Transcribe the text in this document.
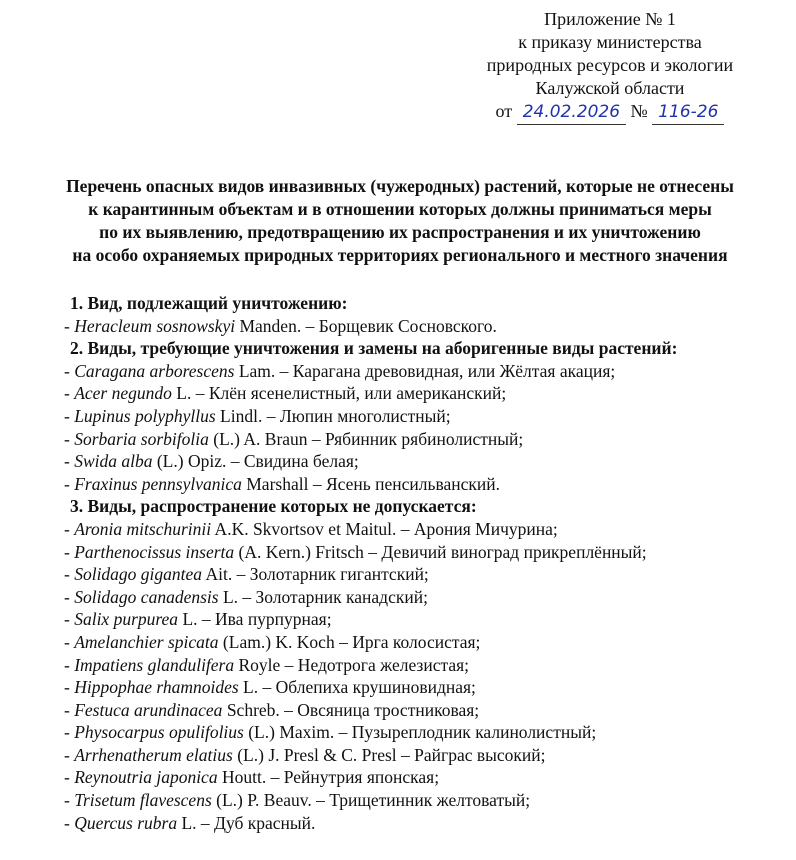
Приложение № 1
к приказу министерства
природных ресурсов и экологии
Калужской области
от 24.02.2026 № 116-26
Перечень опасных видов инвазивных (чужеродных) растений, которые не отнесены
к карантинным объектам и в отношении которых должны приниматься меры
по их выявлению, предотвращению их распространения и их уничтожению
на особо охраняемых природных территориях регионального и местного значения
1. Вид, подлежащий уничтожению:
- Heracleum sosnowskyi Manden. – Борщевик Сосновского.
2. Виды, требующие уничтожения и замены на аборигенные виды растений:
- Caragana arborescens Lam. – Карагана древовидная, или Жёлтая акация;
- Acer negundo L. – Клён ясенелистный, или американский;
- Lupinus polyphyllus Lindl. – Люпин многолистный;
- Sorbaria sorbifolia (L.) A. Braun – Рябинник рябинолистный;
- Swida alba (L.) Opiz. – Свидина белая;
- Fraxinus pennsylvanica Marshall – Ясень пенсильванский.
3. Виды, распространение которых не допускается:
- Aronia mitschurinii A.K. Skvortsov et Maitul. – Арония Мичурина;
- Parthenocissus inserta (A. Kern.) Fritsch – Девичий виноград прикреплённый;
- Solidago gigantea Ait. – Золотарник гигантский;
- Solidago canadensis L. – Золотарник канадский;
- Salix purpurea L. – Ива пурпурная;
- Amelanchier spicata (Lam.) K. Koch – Ирга колосистая;
- Impatiens glandulifera Royle – Недотрога железистая;
- Hippophae rhamnoides L. – Облепиха крушиновидная;
- Festuca arundinacea Schreb. – Овсяница тростниковая;
- Physocarpus opulifolius (L.) Maxim. – Пузыреплодник калинолистный;
- Arrhenatherum elatius (L.) J. Presl & C. Presl – Райграс высокий;
- Reynoutria japonica Houtt. – Рейнутрия японская;
- Trisetum flavescens (L.) P. Beauv. – Трищетинник желтоватый;
- Quercus rubra L. – Дуб красный.
